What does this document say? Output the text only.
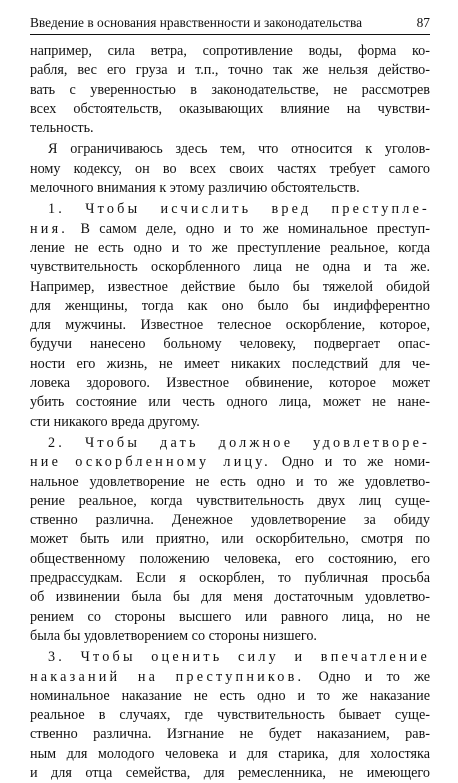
Введение в основания нравственности и законодательства	87

например, сила ветра, сопротивление воды, форма ко-
рабля, вес его груза и т.п., точно так же нельзя действо-
вать с уверенностью в законодательстве, не рассмотрев
всех обстоятельств, оказывающих влияние на чувстви-
тельность.

Я ограничиваюсь здесь тем, что относится к уголов-
ному кодексу, он во всех своих частях требует самого
мелочного внимания к этому различию обстоятельств.

1. Чтобы исчислить вред преступле-
ния. В самом деле, одно и то же номинальное преступ-
ление не есть одно и то же преступление реальное, когда
чувствительность оскорбленного лица не одна и та же.
Например, известное действие было бы тяжелой обидой
для женщины, тогда как оно было бы индифферентно
для мужчины. Известное телесное оскорбление, которое,
будучи нанесено больному человеку, подвергает опас-
ности его жизнь, не имеет никаких последствий для че-
ловека здорового. Известное обвинение, которое может
убить состояние или честь одного лица, может не нане-
сти никакого вреда другому.

2. Чтобы дать должное удовлетворе-
ние оскорбленному лицу. Одно и то же номи-
нальное удовлетворение не есть одно и то же удовлетво-
рение реальное, когда чувствительность двух лиц суще-
ственно различна. Денежное удовлетворение за обиду
может быть или приятно, или оскорбительно, смотря по
общественному положению человека, его состоянию, его
предрассудкам. Если я оскорблен, то публичная просьба
об извинении была бы для меня достаточным удовлетво-
рением со стороны высшего или равного лица, но не
была бы удовлетворением со стороны низшего.

3. Чтобы оценить силу и впечатление
наказаний на преступников. Одно и то же
номинальное наказание не есть одно и то же наказание
реальное в случаях, где чувствительность бывает суще-
ственно различна. Изгнание не будет наказанием, рав-
ным для молодого человека и для старика, для холостяка
и для отца семейства, для ремесленника, не имеющего
